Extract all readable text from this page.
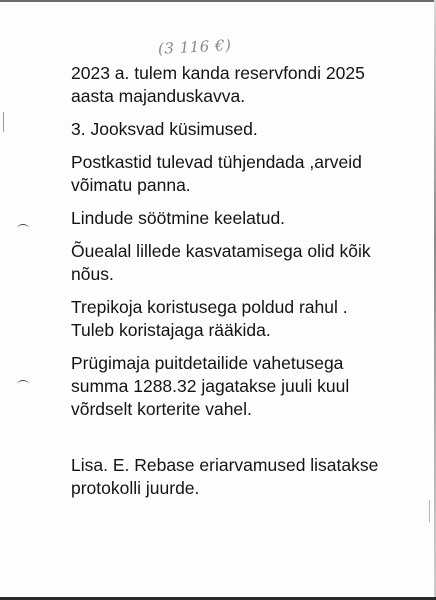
(3 116 €)

2023 a. tulem kanda reservfondi 2025
aasta majanduskavva.

3. Jooksvad küsimused.

Postkastid tulevad tühjendada ,arveid
võimatu panna.

Lindude söötmine keelatud.

Õuealal lillede kasvatamisega olid kõik
nõus.

Trepikoja koristusega poldud rahul .
Tuleb koristajaga rääkida.

Prügimaja puitdetailide vahetusega
summa 1288.32 jagatakse juuli kuul
võrdselt korterite vahel.

Lisa. E. Rebase eriarvamused lisatakse
protokolli juurde.
